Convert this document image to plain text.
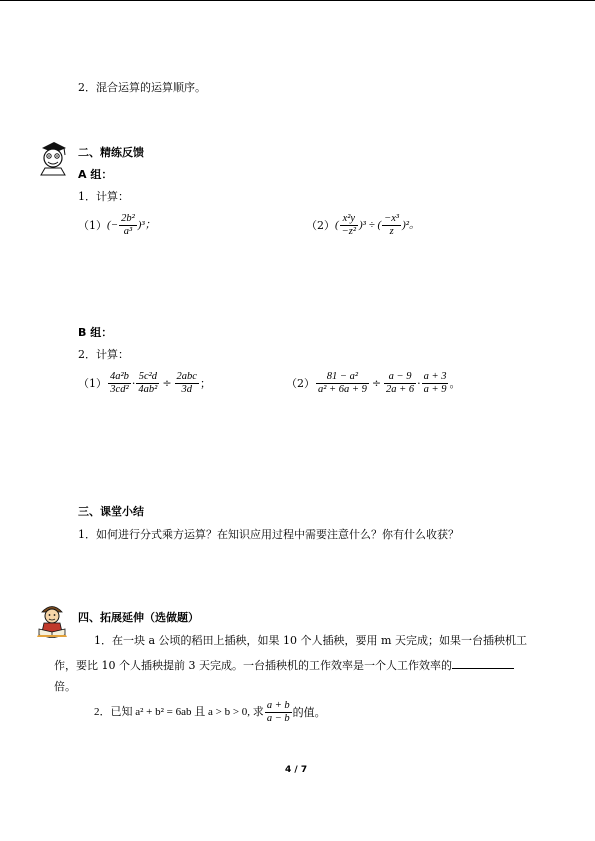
2．混合运算的运算顺序。
二、精练反馈
A 组：
1．计算：
（1） (− $\frac{\text{2b²}}{\text{a³}} )^3$；	（2） ( $\frac{\text{x²y}}{\text{−z²}} )^3$ ÷ ( $\frac{\text{−x³}}{z} )^2$。
B 组：
2．计算：
$(1) \frac{\text{4a²b}}{\text{3cd²}} \cdot \frac{\text{5c²d}}{\text{4ab²}} \div \frac{\text{2abc}}{3d}$ ；	$(2) \frac{\text{81 − a²}}{\text{a² + 6a + 9}} \div \frac{a - 9}{2a + 6} \cdot \frac{a + 3}{a + 9}$ 。
三、课堂小结
1．如何进行分式乘方运算？在知识应用过程中需要注意什么？你有什么收获？
四、拓展延伸（选做题）
1．在一块 a 公顷的稻田上插秧，如果 10 个人插秧，要用 m 天完成；如果一台插秧机工
作，要比 10 个人插秧提前 3 天完成。一台插秧机的工作效率是一个人工作效率的
倍。
2．已知 a² + b² = 6ab 且 a > b > 0, 求 $\frac{a + b}{a - b}$ 的值。
4 / 7
